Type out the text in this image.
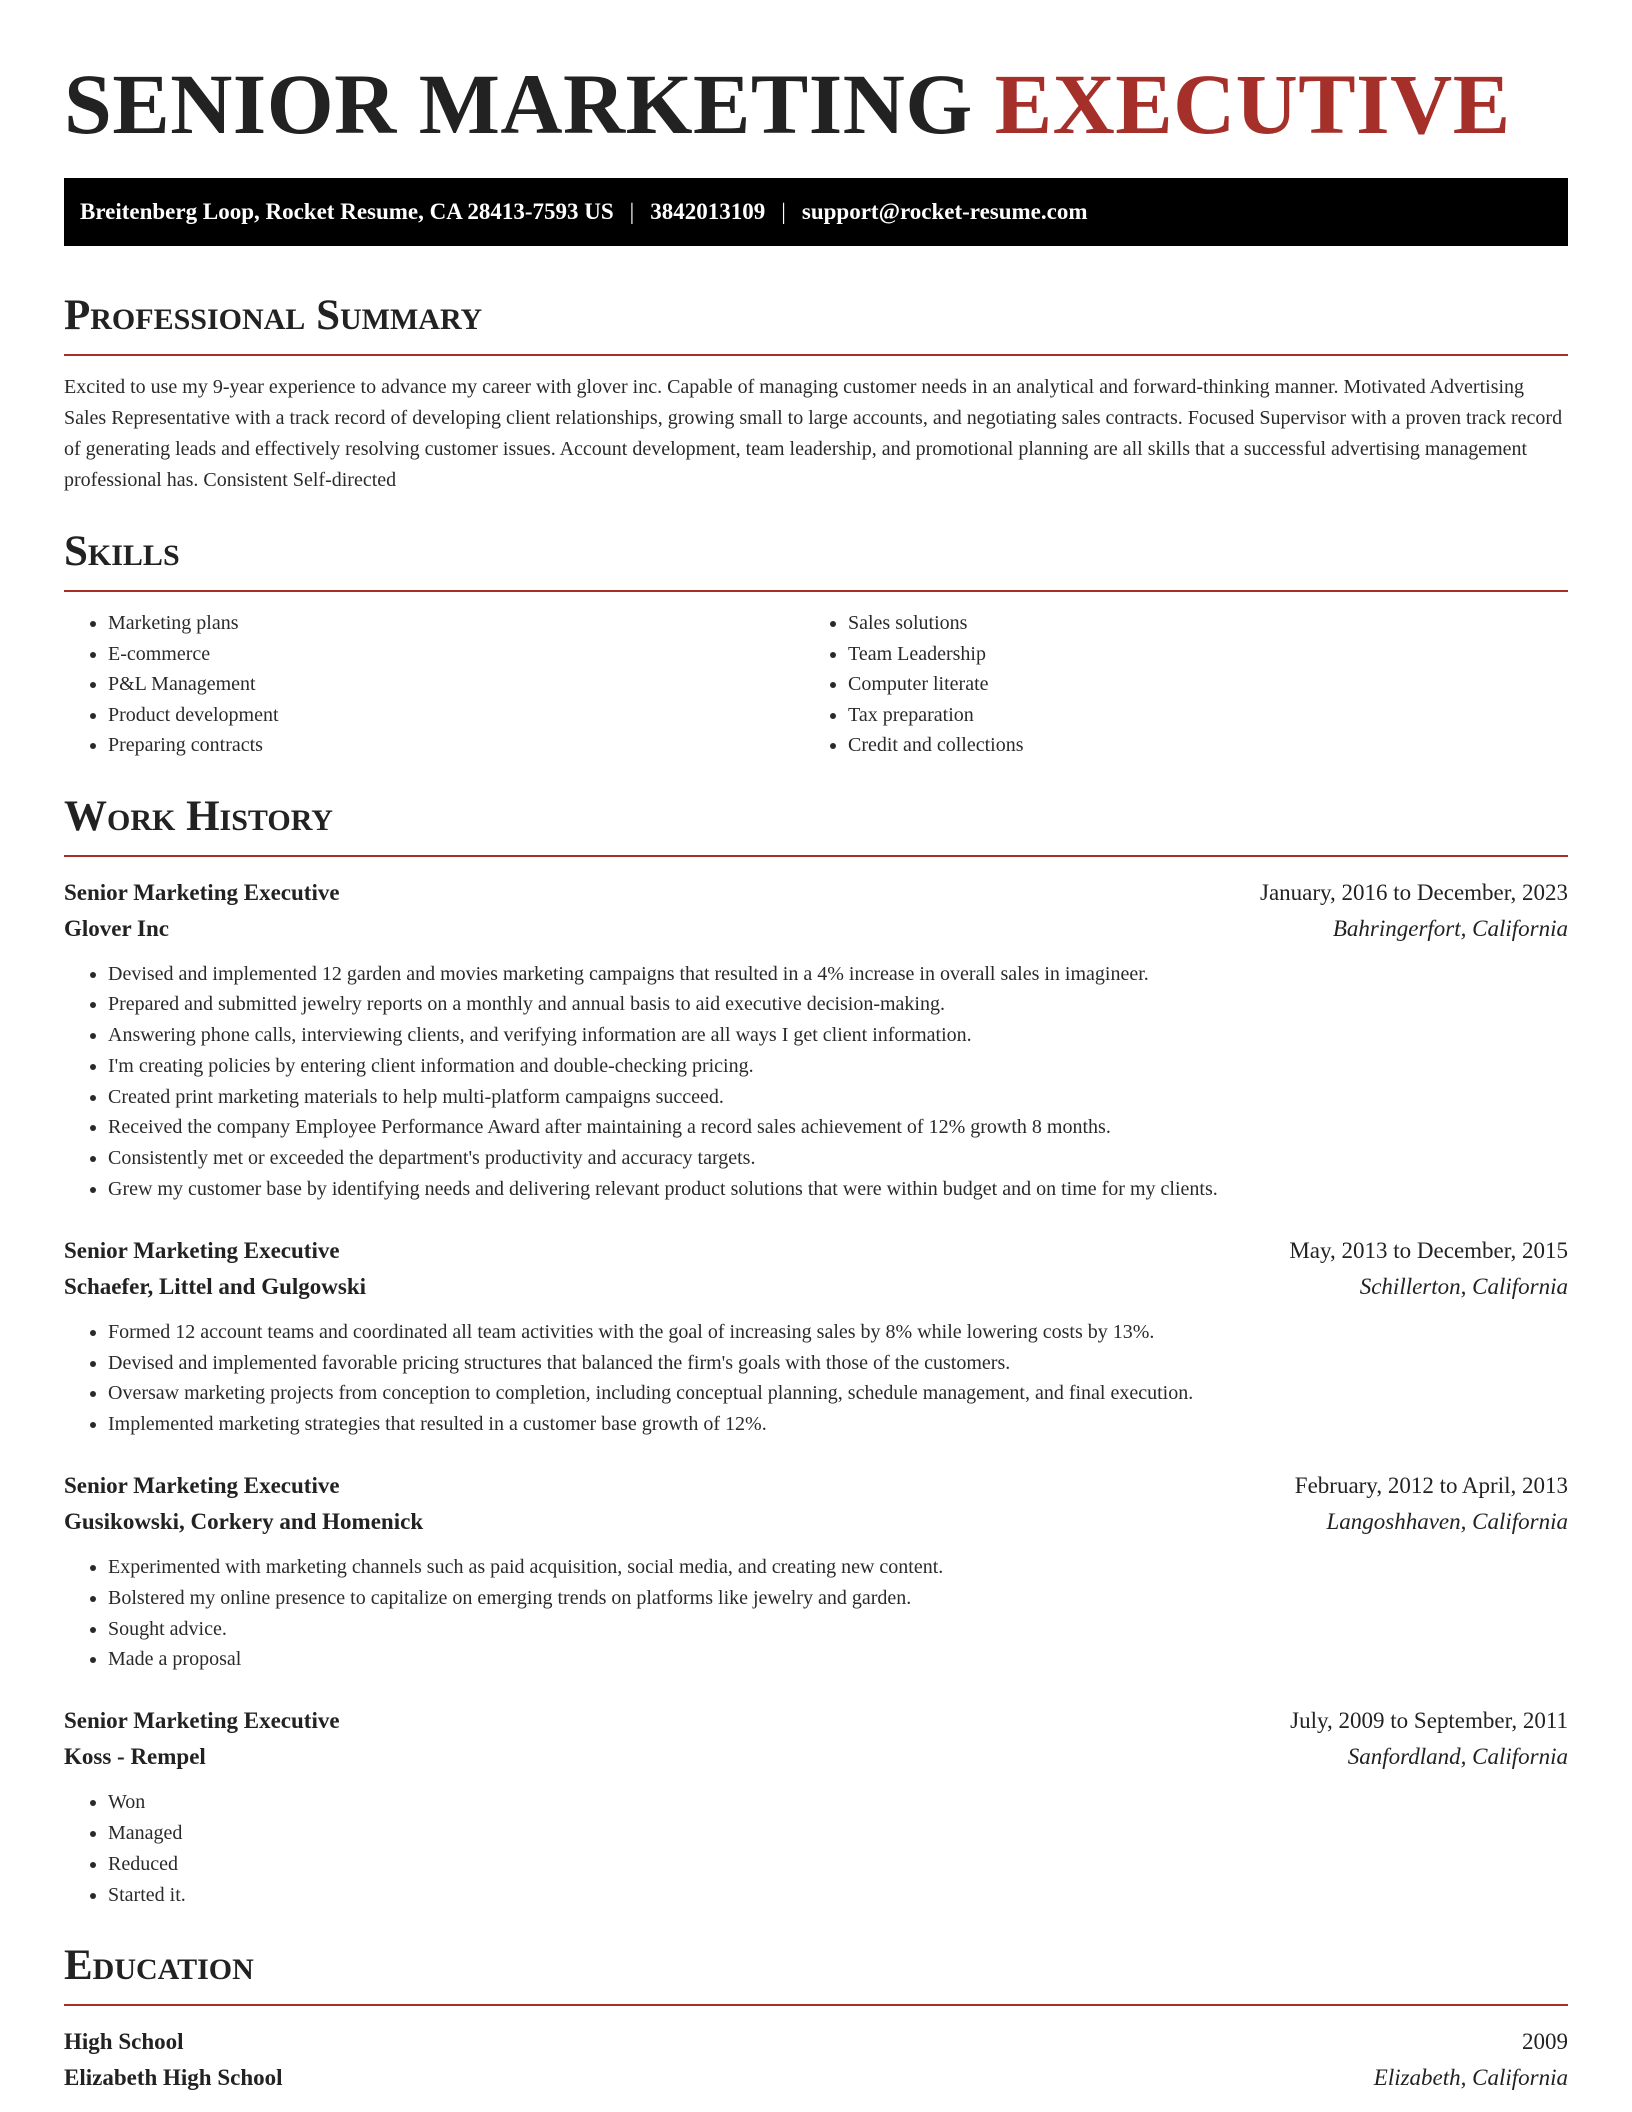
SENIOR MARKETING EXECUTIVE
Breitenberg Loop, Rocket Resume, CA 28413-7593 US | 3842013109 | support@rocket-resume.com
Professional Summary

Excited to use my 9-year experience to advance my career with glover inc. Capable of managing customer needs in an analytical and forward-thinking manner. Motivated Advertising Sales Representative with a track record of developing client relationships, growing small to large accounts, and negotiating sales contracts. Focused Supervisor with a proven track record of generating leads and effectively resolving customer issues. Account development, team leadership, and promotional planning are all skills that a successful advertising management professional has. Consistent Self-directed

Skills
• Marketing plans
• E-commerce
• P&L Management
• Product development
• Preparing contracts
• Sales solutions
• Team Leadership
• Computer literate
• Tax preparation
• Credit and collections
Work History
Senior Marketing Executive	January, 2016 to December, 2023
Glover Inc	Bahringerfort, California
• Devised and implemented 12 garden and movies marketing campaigns that resulted in a 4% increase in overall sales in imagineer.
• Prepared and submitted jewelry reports on a monthly and annual basis to aid executive decision-making.
• Answering phone calls, interviewing clients, and verifying information are all ways I get client information.
• I'm creating policies by entering client information and double-checking pricing.
• Created print marketing materials to help multi-platform campaigns succeed.
• Received the company Employee Performance Award after maintaining a record sales achievement of 12% growth 8 months.
• Consistently met or exceeded the department's productivity and accuracy targets.
• Grew my customer base by identifying needs and delivering relevant product solutions that were within budget and on time for my clients.
Senior Marketing Executive	May, 2013 to December, 2015
Schaefer, Littel and Gulgowski	Schillerton, California
• Formed 12 account teams and coordinated all team activities with the goal of increasing sales by 8% while lowering costs by 13%.
• Devised and implemented favorable pricing structures that balanced the firm's goals with those of the customers.
• Oversaw marketing projects from conception to completion, including conceptual planning, schedule management, and final execution.
• Implemented marketing strategies that resulted in a customer base growth of 12%.
Senior Marketing Executive	February, 2012 to April, 2013
Gusikowski, Corkery and Homenick	Langoshhaven, California
• Experimented with marketing channels such as paid acquisition, social media, and creating new content.
• Bolstered my online presence to capitalize on emerging trends on platforms like jewelry and garden.
• Sought advice.
• Made a proposal
Senior Marketing Executive	July, 2009 to September, 2011
Koss - Rempel	Sanfordland, California
• Won
• Managed
• Reduced
• Started it.
Education
High School	2009
Elizabeth High School	Elizabeth, California
